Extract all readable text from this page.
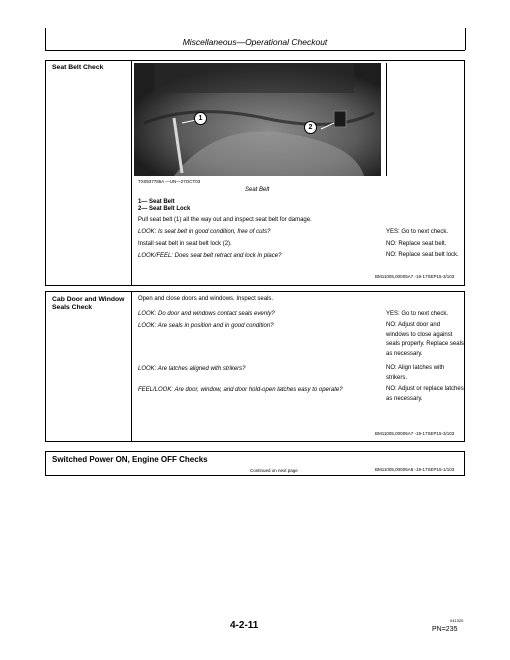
Miscellaneous—Operational Checkout
Seat Belt Check
1
2
TX0937786A —UN—27OCT03
Seat Belt
1— Seat Belt
2— Seat Belt Lock
Pull seat belt (1) all the way out and inspect seat belt for damage.
LOOK: Is seat belt in good condition, free of cuts?	YES: Go to next check.
Install seat belt in seat belt lock (2).	NO: Replace seat belt.
LOOK/FEEL: Does seat belt retract and lock in place?	NO: Replace seat belt lock.
BM11005,00005A7 -19-17SEP15-3/103
Cab Door and Window Seals Check
Open and close doors and windows. Inspect seals.
LOOK: Do door and windows contact seals evenly?	YES: Go to next check.
LOOK: Are seals in position and in good condition?	NO: Adjust door and windows to close against seals properly. Replace seals as necessary.
LOOK: Are latches aligned with strikers?	NO: Align latches with strikers.
FEEL/LOOK: Are door, window, and door hold-open latches easy to operate?	NO: Adjust or replace latches as necessary.
BM11005,00005A7 -19-17SEP15-3/103
Switched Power ON, Engine OFF Checks
Continued on next page	BM11005,00005A8 -19-17SEP15-1/103
4-2-11	041320
PN=235
